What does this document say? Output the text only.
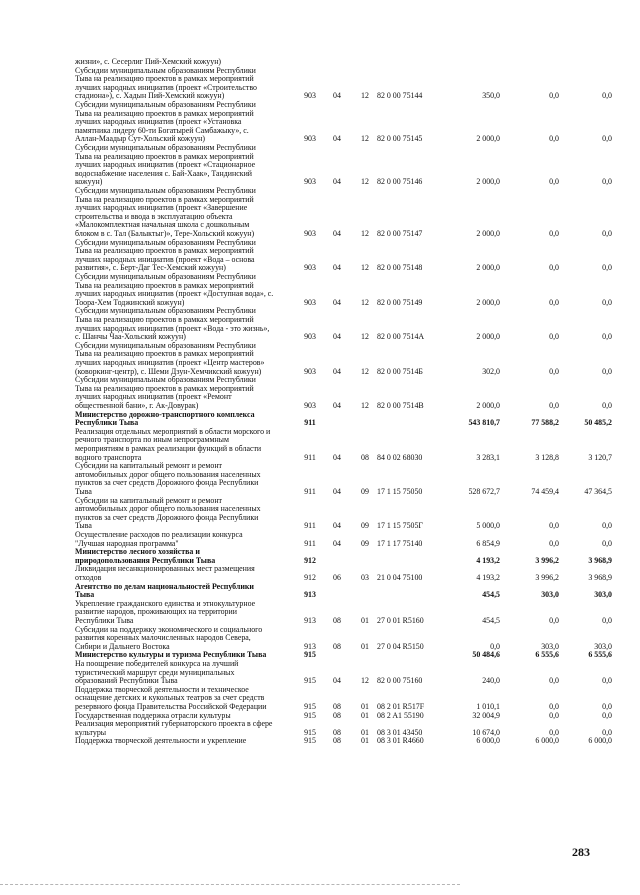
жизни», с. Сесерлиг Пий-Хемский кожуун)
Субсидии муниципальным образованиям Республики
Тыва на реализацию проектов в рамках мероприятий
лучших народных инициатив (проект «Строительство
стадиона»), с. Хадын Пий-Хемский кожуун)	903	04	12	82 0 00 75144	350,0	0,0	0,0
Субсидии муниципальным образованиям Республики
Тыва на реализацию проектов в рамках мероприятий
лучших народных инициатив (проект «Установка
памятника лидеру 60-ти Богатырей Самбажыку», с.
Аллан-Маадыр Сут-Хольский кожуун)	903	04	12	82 0 00 75145	2 000,0	0,0	0,0
Субсидии муниципальным образованиям Республики
Тыва на реализацию проектов в рамках мероприятий
лучших народных инициатив (проект «Стационарное
водоснабжение населения с. Бай-Хаак», Тандинский
кожуун)	903	04	12	82 0 00 75146	2 000,0	0,0	0,0
Субсидии муниципальным образованиям Республики
Тыва на реализацию проектов в рамках мероприятий
лучших народных инициатив (проект «Завершение
строительства и ввода в эксплуатацию объекта
«Малокомплектная начальная школа с дошкольным
блоком в с. Тал (Балыктыг)», Тере-Хольский кожуун)	903	04	12	82 0 00 75147	2 000,0	0,0	0,0
Субсидии муниципальным образованиям Республики
Тыва на реализацию проектов в рамках мероприятий
лучших народных инициатив (проект «Вода – основа
развития», с. Берт-Даг Тес-Хемский кожуун)	903	04	12	82 0 00 75148	2 000,0	0,0	0,0
Субсидии муниципальным образованиям Республики
Тыва на реализацию проектов в рамках мероприятий
лучших народных инициатив (проект «Доступная вода», с.
Тоора-Хем Тоджинский кожуун)	903	04	12	82 0 00 75149	2 000,0	0,0	0,0
Субсидии муниципальным образованиям Республики
Тыва на реализацию проектов в рамках мероприятий
лучших народных инициатив (проект «Вода - это жизнь»,
с. Шанчы Чаа-Хольский кожуун)	903	04	12	82 0 00 7514А	2 000,0	0,0	0,0
Субсидии муниципальным образованиям Республики
Тыва на реализацию проектов в рамках мероприятий
лучших народных инициатив (проект «Центр мастеров»
(коворкинг-центр), с. Шеми Дзун-Хемчикский кожуун)	903	04	12	82 0 00 7514Б	302,0	0,0	0,0
Субсидии муниципальным образованиям Республики
Тыва на реализацию проектов в рамках мероприятий
лучших народных инициатив (проект «Ремонт
общественной бани», г. Ак-Довурак)	903	04	12	82 0 00 7514В	2 000,0	0,0	0,0
Министерство дорожно-транспортного комплекса
Республики Тыва	911	543 810,7	77 588,2	50 485,2
Реализация отдельных мероприятий в области морского и
речного транспорта по иным непрограммным
мероприятиям в рамках реализации функций в области
водного транспорта	911	04	08	84 0 02 68030	3 283,1	3 128,8	3 120,7
Субсидии на капитальный ремонт и ремонт
автомобильных дорог общего пользования населенных
пунктов за счет средств Дорожного фонда Республики
Тыва	911	04	09	17 1 15 75050	528 672,7	74 459,4	47 364,5
Субсидии на капитальный ремонт и ремонт
автомобильных дорог общего пользования населенных
пунктов за счет средств Дорожного фонда Республики
Тыва	911	04	09	17 1 15 7505Г	5 000,0	0,0	0,0
Осуществление расходов по реализации конкурса
"Лучшая народная программа"	911	04	09	17 1 17 75140	6 854,9	0,0	0,0
Министерство лесного хозяйства и
природопользования Республики Тыва	912	4 193,2	3 996,2	3 968,9
Ликвидация несанкционированных мест размещения
отходов	912	06	03	21 0 04 75100	4 193,2	3 996,2	3 968,9
Агентство по делам национальностей Республики
Тыва	913	454,5	303,0	303,0
Укрепление гражданского единства и этнокультурное
развитие народов, проживающих на территории
Республики Тыва	913	08	01	27 0 01 R5160	454,5	0,0	0,0
Субсидии на поддержку экономического и социального
развития коренных малочисленных народов Севера,
Сибири и Дальнего Востока	913	08	01	27 0 04 R5150	0,0	303,0	303,0
Министерство культуры и туризма Республики Тыва	915	50 484,6	6 555,6	6 555,6
На поощрение победителей конкурса на лучший
туристический маршрут среди муниципальных
образований Республики Тыва	915	04	12	82 0 00 75160	240,0	0,0	0,0
Поддержка творческой деятельности и техническое
оснащение детских и кукольных театров за счет средств
резервного фонда Правительства Российской Федерации	915	08	01	08 2 01 R517F	1 010,1	0,0	0,0
Государственная поддержка отрасли культуры	915	08	01	08 2 A1 55190	32 004,9	0,0	0,0
Реализация мероприятий губернаторского проекта в сфере
культуры	915	08	01	08 3 01 43450	10 674,0	0,0	0,0
Поддержка творческой деятельности и укрепление	915	08	01	08 3 01 R4660	6 000,0	6 000,0	6 000,0
283
